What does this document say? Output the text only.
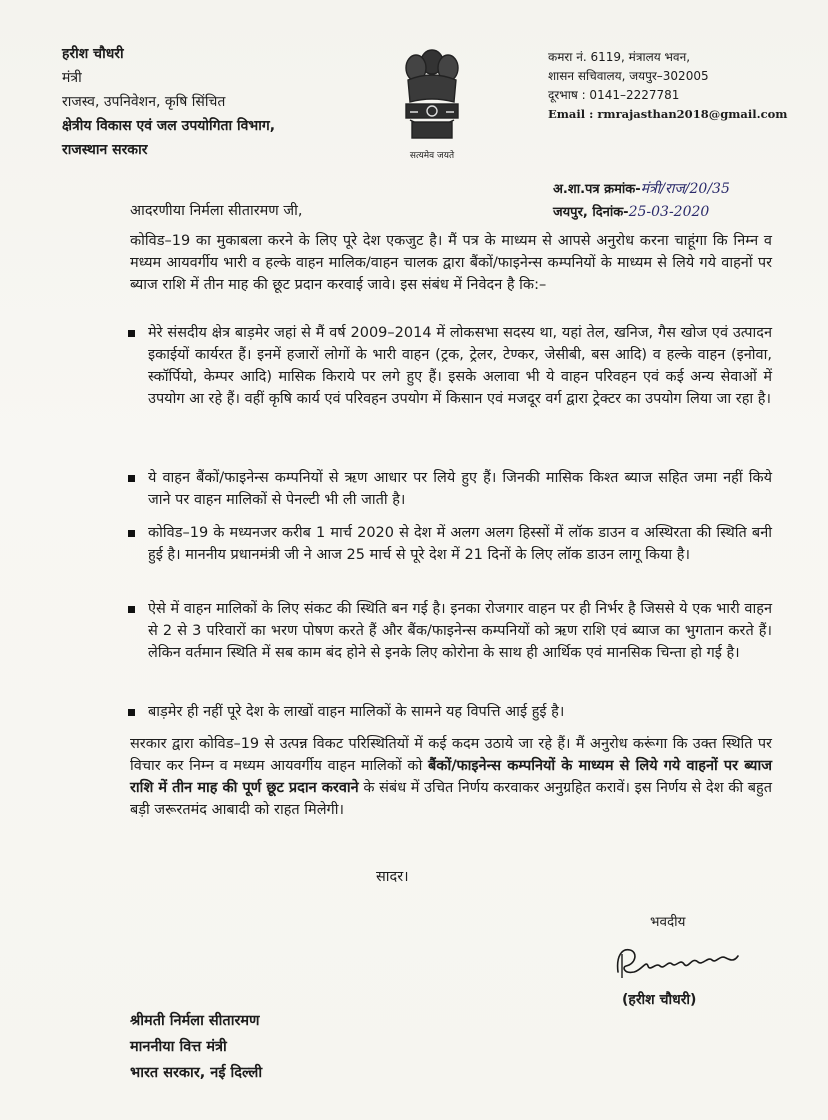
हरीश चौधरी
मंत्री
राजस्व, उपनिवेशन, कृषि सिंचित
क्षेत्रीय विकास एवं जल उपयोगिता विभाग,
राजस्थान सरकार	सत्यमेव जयते
कमरा नं. 6119, मंत्रालय भवन,
शासन सचिवालय, जयपुर–302005
दूरभाष : 0141–2227781
Email : rmrajasthan2018@gmail.com
अ.शा.पत्र क्रमांक-मंत्री/राज/20/35
जयपुर, दिनांक-25-03-2020
आदरणीया निर्मला सीतारमण जी,
कोविड–19 का मुकाबला करने के लिए पूरे देश एकजुट है। मैं पत्र के माध्यम से आपसे अनुरोध करना चाहूंगा कि निम्न व मध्यम आयवर्गीय भारी व हल्के वाहन मालिक/वाहन चालक द्वारा बैंकों/फाइनेन्स कम्पनियों के माध्यम से लिये गये वाहनों पर ब्याज राशि में तीन माह की छूट प्रदान करवाई जावे। इस संबंध में निवेदन है कि:–
मेरे संसदीय क्षेत्र बाड़मेर जहां से मैं वर्ष 2009–2014 में लोकसभा सदस्य था, यहां तेल, खनिज, गैस खोज एवं उत्पादन इकाईयों कार्यरत हैं। इनमें हजारों लोगों के भारी वाहन (ट्रक, ट्रेलर, टेण्कर, जेसीबी, बस आदि) व हल्के वाहन (इनोवा, स्कॉर्पियो, केम्पर आदि) मासिक किराये पर लगे हुए हैं। इसके अलावा भी ये वाहन परिवहन एवं कई अन्य सेवाओं में उपयोग आ रहे हैं। वहीं कृषि कार्य एवं परिवहन उपयोग में किसान एवं मजदूर वर्ग द्वारा ट्रेक्टर का उपयोग लिया जा रहा है।
ये वाहन बैंकों/फाइनेन्स कम्पनियों से ऋण आधार पर लिये हुए हैं। जिनकी मासिक किश्त ब्याज सहित जमा नहीं किये जाने पर वाहन मालिकों से पेनल्टी भी ली जाती है।
कोविड–19 के मध्यनजर करीब 1 मार्च 2020 से देश में अलग अलग हिस्सों में लॉक डाउन व अस्थिरता की स्थिति बनी हुई है। माननीय प्रधानमंत्री जी ने आज 25 मार्च से पूरे देश में 21 दिनों के लिए लॉक डाउन लागू किया है।
ऐसे में वाहन मालिकों के लिए संकट की स्थिति बन गई है। इनका रोजगार वाहन पर ही निर्भर है जिससे ये एक भारी वाहन से 2 से 3 परिवारों का भरण पोषण करते हैं और बैंक/फाइनेन्स कम्पनियों को ऋण राशि एवं ब्याज का भुगतान करते हैं। लेकिन वर्तमान स्थिति में सब काम बंद होने से इनके लिए कोरोना के साथ ही आर्थिक एवं मानसिक चिन्ता हो गई है।
बाड़मेर ही नहीं पूरे देश के लाखों वाहन मालिकों के सामने यह विपत्ति आई हुई है।
सरकार द्वारा कोविड–19 से उत्पन्न विकट परिस्थितियों में कई कदम उठाये जा रहे हैं। मैं अनुरोध करूंगा कि उक्त स्थिति पर विचार कर निम्न व मध्यम आयवर्गीय वाहन मालिकों को बैंकों/फाइनेन्स कम्पनियों के माध्यम से लिये गये वाहनों पर ब्याज राशि में तीन माह की पूर्ण छूट प्रदान करवाने के संबंध में उचित निर्णय करवाकर अनुग्रहित करावें। इस निर्णय से देश की बहुत बड़ी जरूरतमंद आबादी को राहत मिलेगी।
सादर।
भवदीय
(हरीश चौधरी)
श्रीमती निर्मला सीतारमण
माननीया वित्त मंत्री
भारत सरकार, नई दिल्ली
